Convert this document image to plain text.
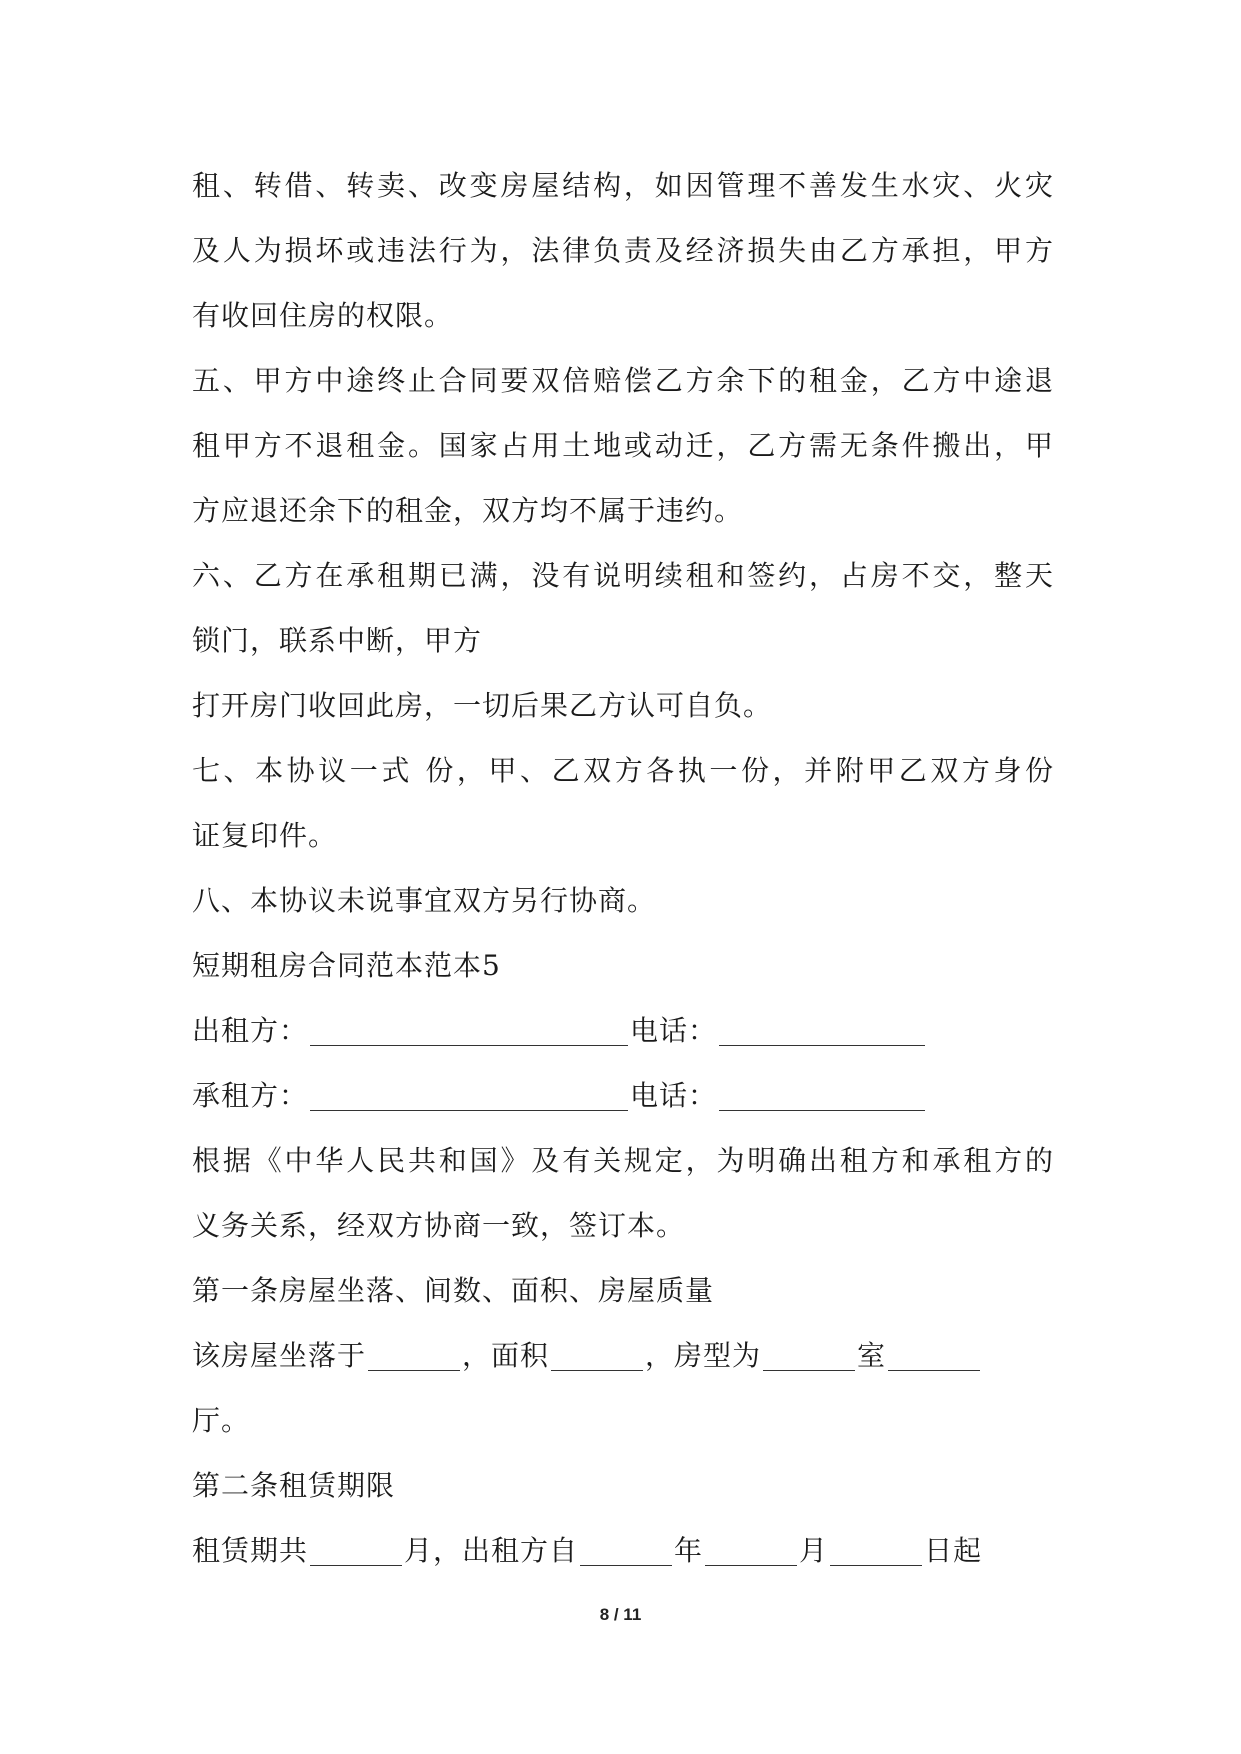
租、转借、转卖、改变房屋结构，如因管理不善发生水灾、火灾
及人为损坏或违法行为，法律负责及经济损失由乙方承担，甲方
有收回住房的权限。
五、甲方中途终止合同要双倍赔偿乙方余下的租金，乙方中途退
租甲方不退租金。国家占用土地或动迁，乙方需无条件搬出，甲
方应退还余下的租金，双方均不属于违约。
六、乙方在承租期已满，没有说明续租和签约，占房不交，整天
锁门，联系中断，甲方
打开房门收回此房，一切后果乙方认可自负。
七、本协议一式 份，甲、乙双方各执一份，并附甲乙双方身份
证复印件。
八、本协议未说事宜双方另行协商。
短期租房合同范本范本5
出租方：	电话：
承租方：	电话：
根据《中华人民共和国》及有关规定，为明确出租方和承租方的
义务关系，经双方协商一致，签订本。
第一条房屋坐落、间数、面积、房屋质量
该房屋坐落于	，面积	，房型为	室
厅。
第二条租赁期限
租赁期共	月，出租方自	年	月	日起
8 / 11
